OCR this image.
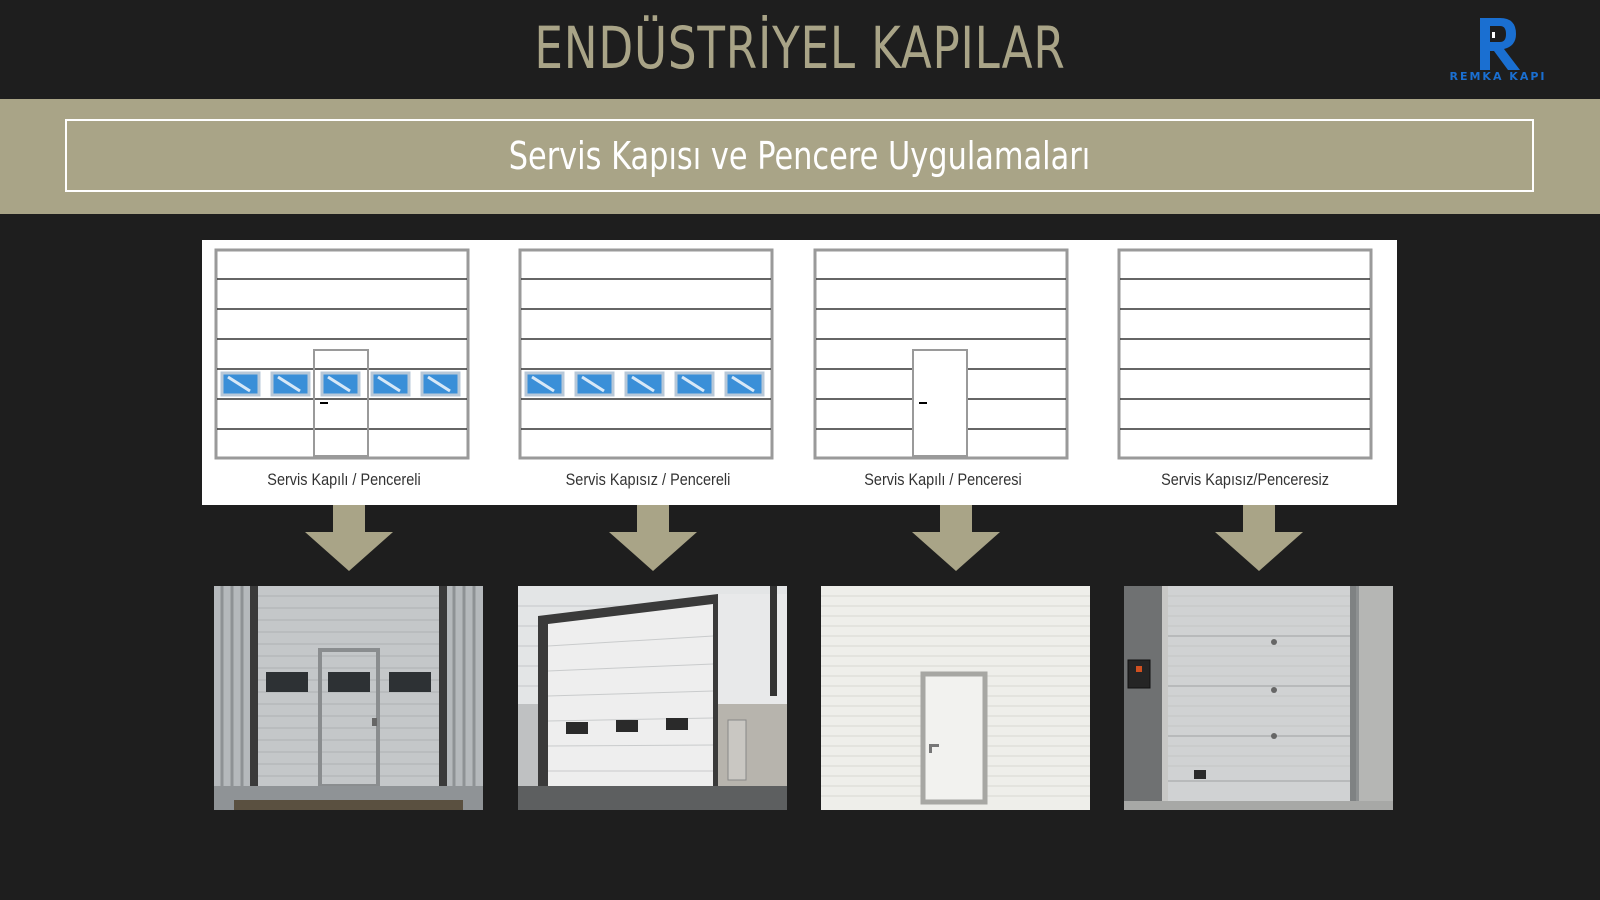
ENDÜSTRİYEL KAPILAR	REMKA KAPI
Servis Kapısı ve Pencere Uygulamaları
Servis Kapılı / Pencereli	Servis Kapısız / Pencereli	Servis Kapılı / Penceresi	Servis Kapısız/Penceresiz
